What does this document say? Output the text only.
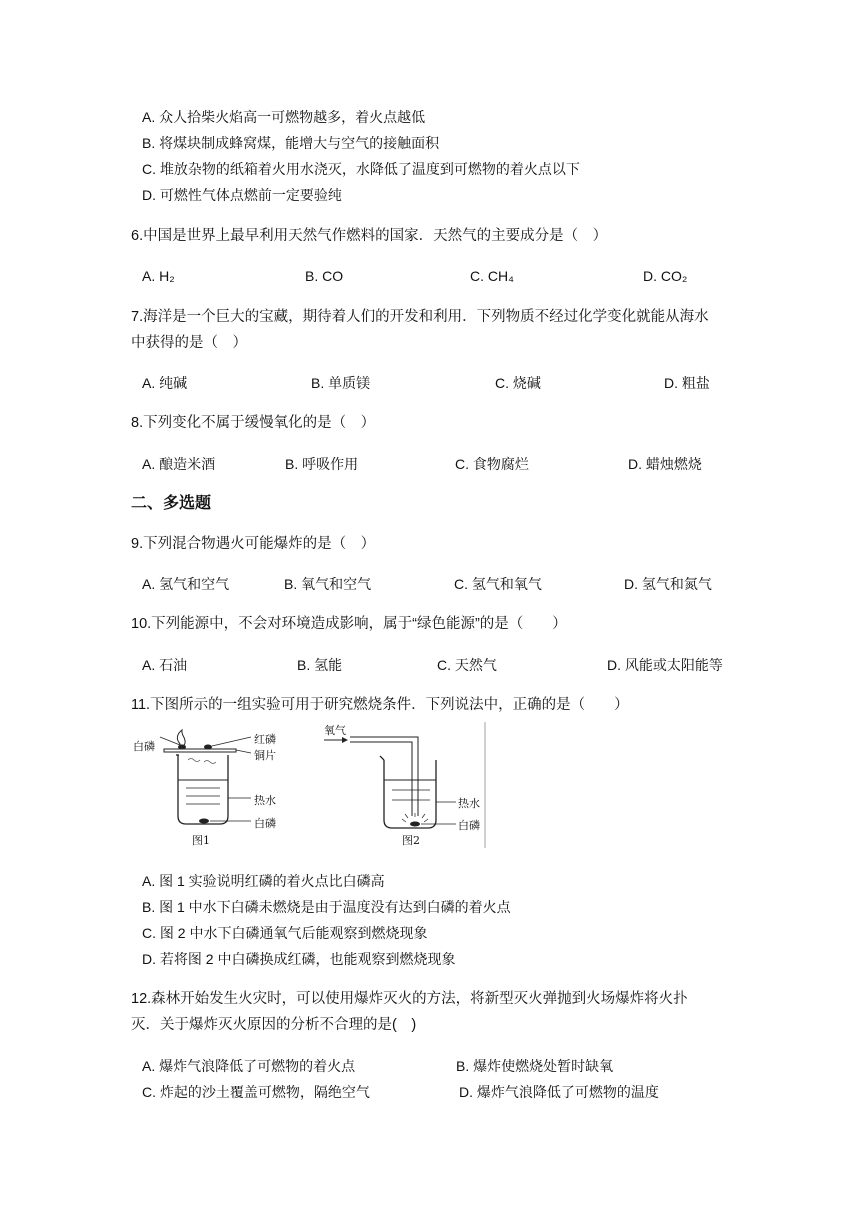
A. 众人拾柴火焰高一可燃物越多，着火点越低
B. 将煤块制成蜂窝煤，能增大与空气的接触面积
C. 堆放杂物的纸箱着火用水浇灭，水降低了温度到可燃物的着火点以下
D. 可燃性气体点燃前一定要验纯
6.中国是世界上最早利用天然气作燃料的国家．天然气的主要成分是（　）
A. H₂	B. CO	C. CH₄	D. CO₂
7.海洋是一个巨大的宝藏，期待着人们的开发和利用．下列物质不经过化学变化就能从海水
中获得的是（　）
A. 纯碱	B. 单质镁	C. 烧碱	D. 粗盐
8.下列变化不属于缓慢氧化的是（　）
A. 酿造米酒	B. 呼吸作用	C. 食物腐烂	D. 蜡烛燃烧
二、多选题
9.下列混合物遇火可能爆炸的是（　）
A. 氢气和空气	B. 氧气和空气	C. 氢气和氧气	D. 氢气和氮气
10.下列能源中，不会对环境造成影响，属于“绿色能源”的是（　　）
A. 石油	B. 氢能	C. 天然气	D. 风能或太阳能等
11.下图所示的一组实验可用于研究燃烧条件．下列说法中，正确的是（　　）
白磷
红磷
铜片
热水
白磷
图1
氧气
热水
白磷
图2
A. 图 1 实验说明红磷的着火点比白磷高
B. 图 1 中水下白磷未燃烧是由于温度没有达到白磷的着火点
C. 图 2 中水下白磷通氧气后能观察到燃烧现象
D. 若将图 2 中白磷换成红磷，也能观察到燃烧现象
12.森林开始发生火灾时，可以使用爆炸灭火的方法，将新型灭火弹抛到火场爆炸将火扑
灭．关于爆炸灭火原因的分析不合理的是(　)
A. 爆炸气浪降低了可燃物的着火点	B. 爆炸使燃烧处暂时缺氧
C. 炸起的沙土覆盖可燃物，隔绝空气	D. 爆炸气浪降低了可燃物的温度
